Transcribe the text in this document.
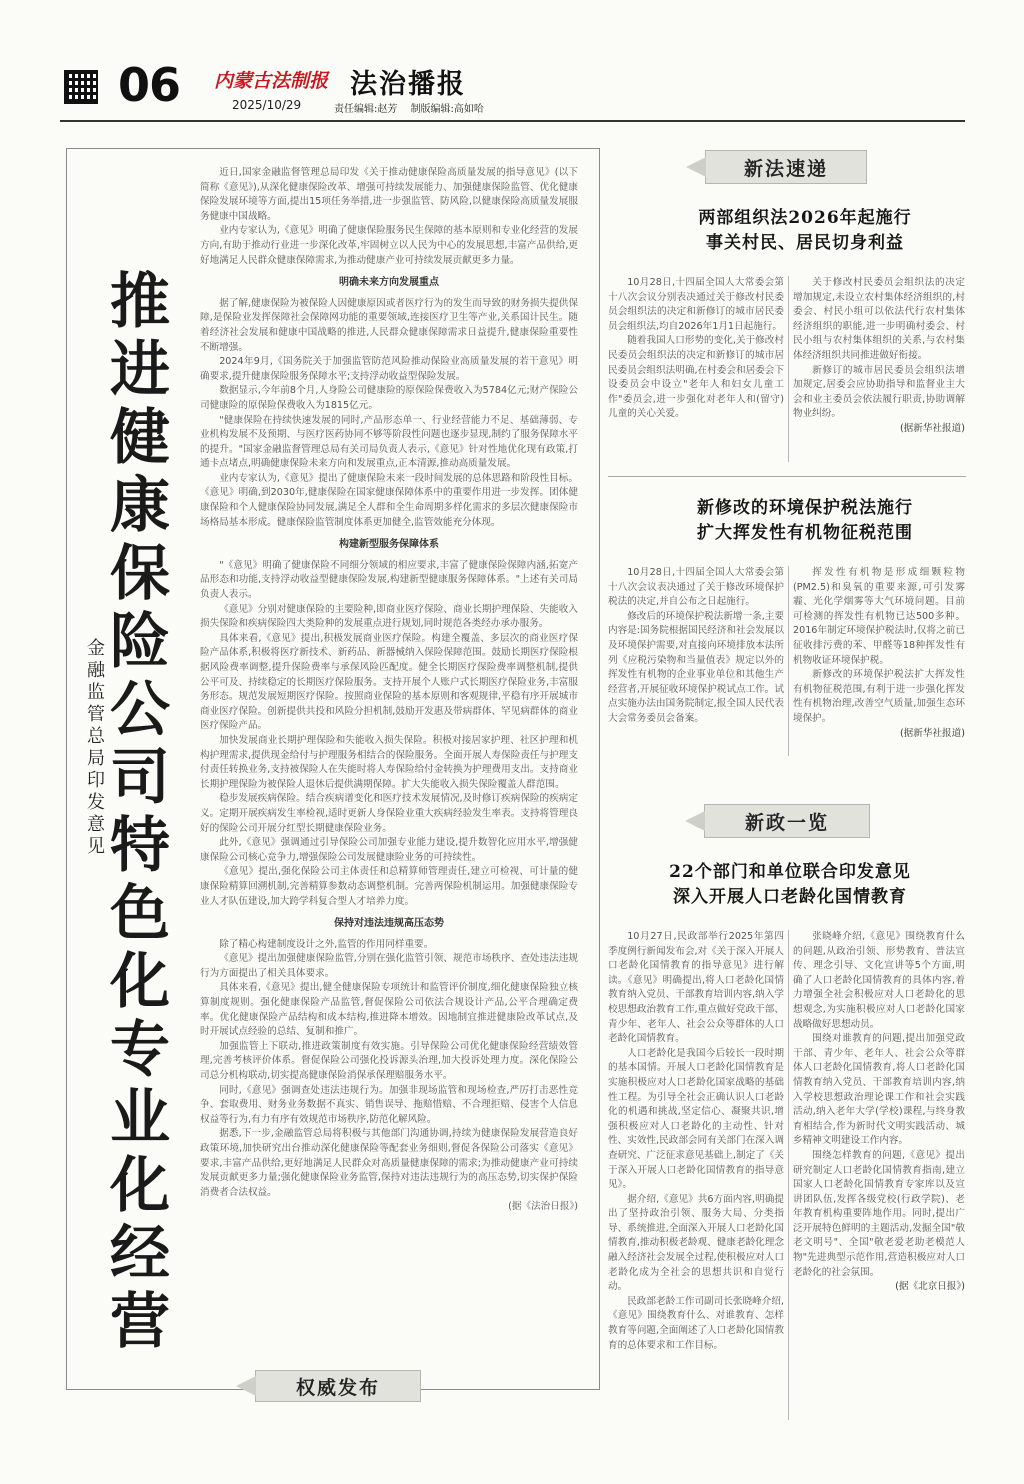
06 内蒙古法制报
2025/10/29
法治播报
责任编辑:赵芳 制版编辑:高如哈
推进健康保险公司特色化专业化经营
金融监管总局印发意见

近日,国家金融监督管理总局印发《关于推动健康保险高质量发展的指导意见》(以下简称《意见》),从深化健康保险改革、增强可持续发展能力、加强健康保险监管、优化健康保险发展环境等方面,提出15项任务举措,进一步强监管、防风险,以健康保险高质量发展服务健康中国战略。

业内专家认为,《意见》明确了健康保险服务民生保障的基本原则和专业化经营的发展方向,有助于推动行业进一步深化改革,牢固树立以人民为中心的发展思想,丰富产品供给,更好地满足人民群众健康保障需求,为推动健康产业可持续发展贡献更多力量。

明确未来方向发展重点

据了解,健康保险为被保险人因健康原因或者医疗行为的发生而导致的财务损失提供保障,是保险业发挥保障社会保障网功能的重要领域,连接医疗卫生等产业,关系国计民生。随着经济社会发展和健康中国战略的推进,人民群众健康保障需求日益提升,健康保险重要性不断增强。

2024年9月,《国务院关于加强监管防范风险推动保险业高质量发展的若干意见》明确要求,提升健康保险服务保障水平;支持浮动收益型保险发展。

数据显示,今年前8个月,人身险公司健康险的原保险保费收入为5784亿元;财产保险公司健康险的原保险保费收入为1815亿元。

"健康保险在持续快速发展的同时,产品形态单一、行业经营能力不足、基础薄弱、专业机构发展不及预期、与医疗医药协同不够等阶段性问题也逐步显现,制约了服务保障水平的提升。"国家金融监督管理总局有关司局负责人表示,《意见》针对性地优化现有政策,打通卡点堵点,明确健康保险未来方向和发展重点,正本清源,推动高质量发展。

业内专家认为,《意见》提出了健康保险未来一段时间发展的总体思路和阶段性目标。《意见》明确,到2030年,健康保险在国家健康保障体系中的重要作用进一步发挥。团体健康保险和个人健康保险协同发展,满足全人群和全生命周期多样化需求的多层次健康保险市场格局基本形成。健康保险监管制度体系更加健全,监管效能充分体现。

构建新型服务保障体系

"《意见》明确了健康保险不同细分领域的相应要求,丰富了健康保险保障内涵,拓宽产品形态和功能,支持浮动收益型健康保险发展,构建新型健康服务保障体系。"上述有关司局负责人表示。

《意见》分别对健康保险的主要险种,即商业医疗保险、商业长期护理保险、失能收入损失保险和疾病保险四大类险种的发展重点进行规划,同时规范各类经办承办服务。

具体来看,《意见》提出,积极发展商业医疗保险。构建全覆盖、多层次的商业医疗保险产品体系,积极将医疗新技术、新药品、新器械纳入保险保障范围。鼓励长期医疗保险根据风险费率调整,提升保险费率与承保风险匹配度。健全长期医疗保险费率调整机制,提供公平可及、持续稳定的长期医疗保险服务。支持开展个人账户式长期医疗保险业务,丰富服务形态。规范发展短期医疗保险。按照商业保险的基本原则和客观规律,平稳有序开展城市商业医疗保险。创新提供共投和风险分担机制,鼓励开发惠及带病群体、罕见病群体的商业医疗保险产品。

加快发展商业长期护理保险和失能收入损失保险。积极对接居家护理、社区护理和机构护理需求,提供现金给付与护理服务相结合的保险服务。全面开展人寿保险责任与护理支付责任转换业务,支持被保险人在失能时将人寿保险给付金转换为护理费用支出。支持商业长期护理保险为被保险人退休后提供满期保障。扩大失能收入损失保险覆盖人群范围。

稳步发展疾病保险。结合疾病谱变化和医疗技术发展情况,及时修订疾病保险的疾病定义。定期开展疾病发生率检视,适时更新人身保险业重大疾病经验发生率表。支持将管理良好的保险公司开展分红型长期健康保险业务。

此外,《意见》强调通过引导保险公司加强专业能力建设,提升数智化应用水平,增强健康保险公司核心竞争力,增强保险公司发展健康险业务的可持续性。

《意见》提出,强化保险公司主体责任和总精算师管理责任,建立可检视、可计量的健康保险精算回溯机制,完善精算参数动态调整机制。完善两保险机制运用。加强健康保险专业人才队伍建设,加大跨学科复合型人才培养力度。

保持对违法违规高压态势

除了精心构建制度设计之外,监管的作用同样重要。

《意见》提出加强健康保险监管,分别在强化监管引领、规范市场秩序、查处违法违规行为方面提出了相关具体要求。

具体来看,《意见》提出,健全健康保险专项统计和监管评价制度,细化健康保险独立核算制度规则。强化健康保险产品监管,督促保险公司依法合规设计产品,公平合理确定费率。优化健康保险产品结构和成本结构,推进降本增效。因地制宜推进健康险改革试点,及时开展试点经验的总结、复制和推广。

加强监管上下联动,推进政策制度有效实施。引导保险公司优化健康保险经营绩效管理,完善考核评价体系。督促保险公司强化投诉源头治理,加大投诉处理力度。深化保险公司总分机构联动,切实提高健康保险消保承保理赔服务水平。

同时,《意见》强调查处违法违规行为。加强非现场监管和现场检查,严厉打击恶性竞争、套取费用、财务业务数据不真实、销售误导、拖赔惜赔、不合理拒赔、侵害个人信息权益等行为,有力有序有效规范市场秩序,防范化解风险。

据悉,下一步,金融监管总局将积极与其他部门沟通协调,持续为健康保险发展营造良好政策环境,加快研究出台推动深化健康保险等配套业务细则,督促各保险公司落实《意见》要求,丰富产品供给,更好地满足人民群众对高质量健康保障的需求;为推动健康产业可持续发展贡献更多力量;强化健康保险业务监管,保持对违法违规行为的高压态势,切实保护保险消费者合法权益。

(据《法治日报》)

权威发布
新法速递
两部组织法2026年起施行
事关村民、居民切身利益

10月28日,十四届全国人大常委会第十八次会议分别表决通过关于修改村民委员会组织法的决定和新修订的城市居民委员会组织法,均自2026年1月1日起施行。

随着我国人口形势的变化,关于修改村民委员会组织法的决定和新修订的城市居民委员会组织法明确,在村委会和居委会下设委员会中设立"老年人和妇女儿童工作"委员会,进一步强化对老年人和(留守)儿童的关心关爱。

关于修改村民委员会组织法的决定增加规定,未设立农村集体经济组织的,村委会、村民小组可以依法代行农村集体经济组织的职能,进一步明确村委会、村民小组与农村集体组织的关系,与农村集体经济组织共同推进做好衔接。

新修订的城市居民委员会组织法增加规定,居委会应协助指导和监督业主大会和业主委员会依法履行职责,协助调解物业纠纷。

(据新华社报道)

新修改的环境保护税法施行
扩大挥发性有机物征税范围

10月28日,十四届全国人大常委会第十八次会议表决通过了关于修改环境保护税法的决定,并自公布之日起施行。

修改后的环境保护税法新增一条,主要内容是:国务院根据国民经济和社会发展以及环境保护需要,对直接向环境排放本法所列《应税污染物和当量值表》规定以外的挥发性有机物的企业事业单位和其他生产经营者,开展征收环境保护税试点工作。试点实施办法由国务院制定,报全国人民代表大会常务委员会备案。

挥发性有机物是形成细颗粒物(PM2.5)和臭氧的重要来源,可引发雾霾、光化学烟雾等大气环境问题。目前可检测的挥发性有机物已达500多种。2016年制定环境保护税法时,仅将之前已征收排污费的苯、甲醛等18种挥发性有机物收证环境保护税。

新修改的环境保护税法扩大挥发性有机物征税范围,有利于进一步强化挥发性有机物治理,改善空气质量,加强生态环境保护。

(据新华社报道)

新政一览
22个部门和单位联合印发意见
深入开展人口老龄化国情教育

10月27日,民政部举行2025年第四季度例行新闻发布会,对《关于深入开展人口老龄化国情教育的指导意见》进行解读。《意见》明确提出,将人口老龄化国情教育纳入党员、干部教育培训内容,纳入学校思想政治教育工作,重点做好党政干部、青少年、老年人、社会公众等群体的人口老龄化国情教育。

人口老龄化是我国今后较长一段时期的基本国情。开展人口老龄化国情教育是实施积极应对人口老龄化国家战略的基础性工程。为引导全社会正确认识人口老龄化的机遇和挑战,坚定信心、凝聚共识,增强积极应对人口老龄化的主动性、针对性、实效性,民政部会同有关部门在深入调查研究、广泛征求意见基础上,制定了《关于深入开展人口老龄化国情教育的指导意见》。

据介绍,《意见》共6方面内容,明确提出了坚持政治引领、服务大局、分类指导、系统推进,全面深入开展人口老龄化国情教育,推动积极老龄观、健康老龄化理念融入经济社会发展全过程,使积极应对人口老龄化成为全社会的思想共识和自觉行动。

民政部老龄工作司副司长张晓峰介绍,《意见》围绕教育什么、对谁教育、怎样教育等问题,全面阐述了人口老龄化国情教育的总体要求和工作目标。

张晓峰介绍,《意见》围绕教育什么的问题,从政治引领、形势教育、普法宣传、理念引导、文化宣讲等5个方面,明确了人口老龄化国情教育的具体内容,着力增强全社会积极应对人口老龄化的思想观念,为实施积极应对人口老龄化国家战略做好思想动员。

围绕对谁教育的问题,提出加强党政干部、青少年、老年人、社会公众等群体人口老龄化国情教育,将人口老龄化国情教育纳入党员、干部教育培训内容,纳入学校思想政治理论课工作和社会实践活动,纳入老年大学(学校)课程,与终身教育相结合,作为新时代文明实践活动、城乡精神文明建设工作内容。

围绕怎样教育的问题,《意见》提出研究制定人口老龄化国情教育指南,建立国家人口老龄化国情教育专家库以及宣讲团队伍,发挥各级党校(行政学院)、老年教育机构重要阵地作用。同时,提出广泛开展特色鲜明的主题活动,发掘全国"敬老文明号"、全国"敬老爱老助老模范人物"先进典型示范作用,营造积极应对人口老龄化的社会氛围。

(据《北京日报》)
